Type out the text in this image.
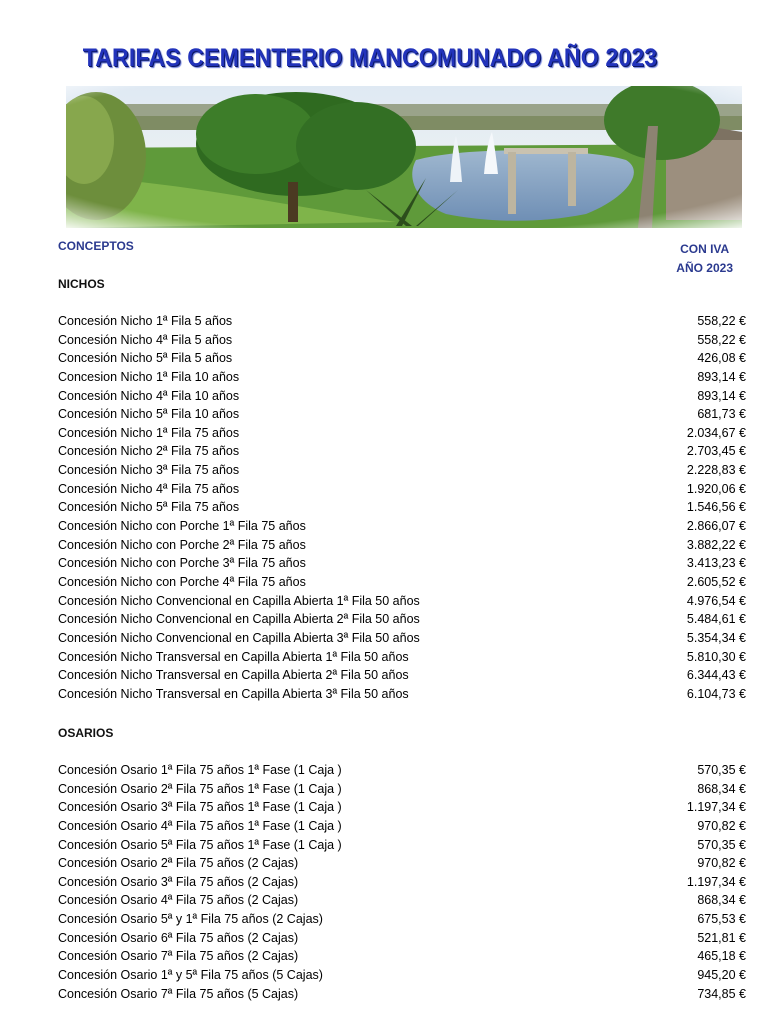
TARIFAS CEMENTERIO MANCOMUNADO AÑO 2023
CONCEPTOS	CON IVA
AÑO 2023
NICHOS
Concesión Nicho 1ª Fila 5 años	558,22 €
Concesión Nicho 4ª Fila 5 años	558,22 €
Concesión Nicho 5ª Fila 5 años	426,08 €
Concesion Nicho 1ª Fila 10 años	893,14 €
Concesión Nicho 4ª Fila 10 años	893,14 €
Concesión Nicho 5ª Fila 10 años	681,73 €
Concesión Nicho 1ª Fila 75 años	2.034,67 €
Concesión Nicho 2ª Fila 75 años	2.703,45 €
Concesión Nicho 3ª Fila 75 años	2.228,83 €
Concesión Nicho 4ª Fila 75 años	1.920,06 €
Concesión Nicho 5ª Fila 75 años	1.546,56 €
Concesión Nicho con Porche 1ª Fila 75 años	2.866,07 €
Concesión Nicho con Porche 2ª Fila 75 años	3.882,22 €
Concesión Nicho con Porche 3ª Fila 75 años	3.413,23 €
Concesión Nicho con Porche 4ª Fila 75 años	2.605,52 €
Concesión Nicho Convencional en Capilla Abierta 1ª Fila 50 años	4.976,54 €
Concesión Nicho Convencional en Capilla Abierta 2ª Fila 50 años	5.484,61 €
Concesión Nicho Convencional en Capilla Abierta 3ª Fila 50 años	5.354,34 €
Concesión Nicho Transversal en Capilla Abierta 1ª Fila 50 años	5.810,30 €
Concesión Nicho Transversal en Capilla Abierta 2ª Fila 50 años	6.344,43 €
Concesión Nicho Transversal en Capilla Abierta 3ª Fila 50 años	6.104,73 €
OSARIOS
Concesión Osario 1ª Fila 75 años 1ª Fase (1 Caja )	570,35 €
Concesión Osario 2ª Fila 75 años 1ª Fase (1 Caja )	868,34 €
Concesión Osario 3ª Fila 75 años 1ª Fase (1 Caja )	1.197,34 €
Concesión Osario 4ª Fila 75 años 1ª Fase (1 Caja )	970,82 €
Concesión Osario 5ª Fila 75 años 1ª Fase (1 Caja )	570,35 €
Concesión Osario 2ª Fila 75 años (2 Cajas)	970,82 €
Concesión Osario 3ª Fila 75 años (2 Cajas)	1.197,34 €
Concesión Osario 4ª Fila 75 años (2 Cajas)	868,34 €
Concesión Osario 5ª y 1ª Fila 75 años (2 Cajas)	675,53 €
Concesión Osario 6ª Fila 75 años (2 Cajas)	521,81 €
Concesión Osario 7ª Fila 75 años (2 Cajas)	465,18 €
Concesión Osario 1ª y 5ª Fila 75 años (5 Cajas)	945,20 €
Concesión Osario 7ª Fila 75 años (5 Cajas)	734,85 €
